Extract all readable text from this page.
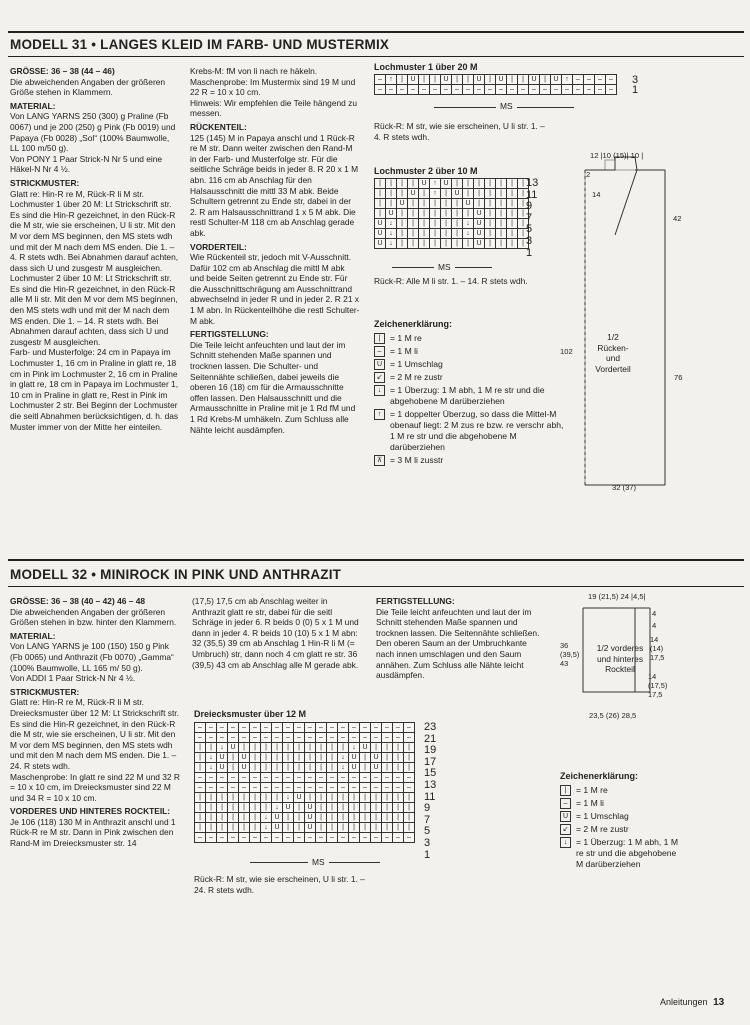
MODELL 31 • LANGES KLEID IM FARB- UND MUSTERMIX

GRÖSSE: 36 – 38 (44 – 46)

Die abweichenden Angaben der größeren Größe stehen in Klammern.

MATERIAL:

Von LANG YARNS 250 (300) g Praline (Fb 0067) und je 200 (250) g Pink (Fb 0019) und Papaya (Fb 0028) „Sol“ (100% Baumwolle, LL 100 m/50 g).

Von PONY 1 Paar Strick-N Nr 5 und eine Häkel-N Nr 4 ½.

STRICKMUSTER:

Glatt re: Hin-R re M, Rück-R li M str.

Lochmuster 1 über 20 M: Lt Strickschrift str. Es sind die Hin-R gezeichnet, in den Rück-R die M str, wie sie erscheinen, U li str. Mit den M vor dem MS beginnen, den MS stets wdh und mit der M nach dem MS enden. Die 1. – 4. R stets wdh. Bei Abnahmen darauf achten, dass sich U und zusgestr M ausgleichen.

Lochmuster 2 über 10 M: Lt Strickschrift str. Es sind die Hin-R gezeichnet, in den Rück-R alle M li str. Mit den M vor dem MS beginnen, den MS stets wdh und mit der M nach dem MS enden. Die 1. – 14. R stets wdh. Bei Abnahmen darauf achten, dass sich U und zusgestr M ausgleichen.

Farb- und Musterfolge: 24 cm in Papaya im Lochmuster 1, 16 cm in Praline in glatt re, 18 cm in Pink im Lochmuster 2, 16 cm in Praline in glatt re, 18 cm in Papaya im Lochmuster 1, 10 cm in Praline in glatt re, Rest in Pink im Lochmuster 2 str. Bei Beginn der Lochmuster die seitl Abnahmen berücksichtigen, d. h. das Muster immer von der Mitte her einteilen.

Krebs-M: fM von li nach re häkeln.

Maschenprobe: Im Mustermix sind 19 M und 22 R = 10 x 10 cm.

Hinweis: Wir empfehlen die Teile hängend zu messen.

RÜCKENTEIL:

125 (145) M in Papaya anschl und 1 Rück-R re M str. Dann weiter zwischen den Rand-M in der Farb- und Musterfolge str. Für die seitliche Schräge beids in jeder 8. R 20 x 1 M abn. 116 cm ab Anschlag für den Halsausschnitt die mittl 33 M abk. Beide Schultern getrennt zu Ende str, dabei in der 2. R am Halsausschnittrand 1 x 5 M abk. Die restl Schulter-M 118 cm ab Anschlag gerade abk.

VORDERTEIL:

Wie Rückenteil str, jedoch mit V-Ausschnitt. Dafür 102 cm ab Anschlag die mittl M abk und beide Seiten getrennt zu Ende str. Für die Ausschnittschrägung am Ausschnittrand abwechselnd in jeder R und in jeder 2. R 21 x 1 M abn. In Rückenteilhöhe die restl Schulter-M abk.

FERTIGSTELLUNG:

Die Teile leicht anfeuchten und laut der im Schnitt stehenden Maße spannen und trocknen lassen. Die Schulter- und Seitennähte schließen, dabei jeweils die oberen 16 (18) cm für die Armausschnitte offen lassen. Den Halsausschnitt und die Armausschnitte in Praline mit je 1 Rd fM und 1 Rd Krebs-M umhäkeln. Zum Schluss alle Nähte leicht ausdämpfen.

Lochmuster 1 über 20 M
–	↑	|	U	|	|	U	|	|	U	|	U	|	|	U	|	U	↑	–	–	–	–
–	–	–	–	–	–	–	–	–	–	–	–	–	–	–	–	–	–	–	–	–	–
3
1
MS
Rück-R: M str, wie sie erscheinen, U li str. 1. – 4. R stets wdh.
Lochmuster 2 über 10 M
|	|	|	|	U	↑	U	|	|	|	|	|	|	|
|	|	|	U	|	↑	|	U	|	|	|	|	|	|
|	|	U	|	|	|	|	|	U	|	|	|	|	|
|	U	|	|	|	|	|	|	|	U	|	|	|	|
U	↓	|	|	|	|	|	|	↓	U	|	|	|	|
U	↓	|	|	|	|	|	|	↓	U	|	|	|	|
U	↓	|	|	|	|	|	|	|	U	|	|	|	|
13
11
9
7
5
3
1
MS
Rück-R: Alle M li str. 1. – 14. R stets wdh.
Zeichenerklärung:
|	= 1 M re
– = 1 M li
U = 1 Umschlag
↙ = 2 M re zustr
↓	= 1 Überzug: 1 M abh, 1 M re str und die abgehobene M darüberziehen
↑	= 1 doppelter Überzug, so dass die Mittel-M obenauf liegt: 2 M zus re bzw. re verschr abh, 1 M re str und die abgehobene M darüberziehen
⊼ = 3 M li zusstr
12 |10 (15)| 10 |
2
14
42
102
76
32 (37)
1/2 Rücken- und Vorderteil
MODELL 32 • MINIROCK IN PINK UND ANTHRAZIT

GRÖSSE: 36 – 38 (40 – 42) 46 – 48

Die abweichenden Angaben der größeren Größen stehen in bzw. hinter den Klammern.

MATERIAL:

Von LANG YARNS je 100 (150) 150 g Pink (Fb 0065) und Anthrazit (Fb 0070) „Gamma“ (100% Baumwolle, LL 165 m/ 50 g).

Von ADDI 1 Paar Strick-N Nr 4 ½.

STRICKMUSTER:

Glatt re: Hin-R re M, Rück-R li M str.

Dreiecksmuster über 12 M: Lt Strickschrift str. Es sind die Hin-R gezeichnet, in den Rück-R die M str, wie sie erscheinen, U li str. Mit den M vor dem MS beginnen, den MS stets wdh und mit den M nach dem MS enden. Die 1. – 24. R stets wdh.

Maschenprobe: In glatt re sind 22 M und 32 R = 10 x 10 cm, im Dreiecksmuster sind 22 M und 34 R = 10 x 10 cm.

VORDERES UND HINTERES ROCKTEIL:

Je 106 (118) 130 M in Anthrazit anschl und 1 Rück-R re M str. Dann in Pink zwischen den Rand-M im Dreiecksmuster str. 14

(17,5) 17,5 cm ab Anschlag weiter in Anthrazit glatt re str, dabei für die seitl Schräge in jeder 6. R beids 0 (0) 5 x 1 M und dann in jeder 4. R beids 10 (10) 5 x 1 M abn: 32 (35,5) 39 cm ab Anschlag 1 Hin-R li M (= Umbruch) str, dann noch 4 cm glatt re str. 36 (39,5) 43 cm ab Anschlag alle M gerade abk.

FERTIGSTELLUNG:

Die Teile leicht anfeuchten und laut der im Schnitt stehenden Maße spannen und trocknen lassen. Die Seitennähte schließen. Den oberen Saum an der Umbruchkante nach innen umschlagen und den Saum annähen. Zum Schluss alle Nähte leicht ausdämpfen.

Dreiecksmuster über 12 M
–	–	–	–	–	–	–	–	–	–	–	–	–	–	–	–	–	–	–	–
–	–	–	–	–	–	–	–	–	–	–	–	–	–	–	–	–	–	–	–
|	|	↓	U	|	|	|	|	|	|	|	|	|	|	↓	U	|	|	|	|
|	↓	U	|	U	|	|	|	|	|	|	|	|	↓	U	|	U	|	|	|
|	↓	U	|	U	|	|	|	|	|	|	|	|	↓	U	|	U	|	|	|
–	–	–	–	–	–	–	–	–	–	–	–	–	–	–	–	–	–	–	–
–	–	–	–	–	–	–	–	–	–	–	–	–	–	–	–	–	–	–	–
|	|	|	|	|	|	|	|	↓	U	|	|	|	|	|	|	|	|	|	|
|	|	|	|	|	|	|	↓	U	|	U	|	|	|	|	|	|	|	|	|
|	|	|	|	|	|	↓	U	|	|	U	|	|	|	|	|	|	|	|	|
|	|	|	|	|	|	↓	U	|	|	U	|	|	|	|	|	|	|	|	|
–	–	–	–	–	–	–	–	–	–	–	–	–	–	–	–	–	–	–	–
23
21
19
17
15
13
11
9
7
5
3
1
MS
Rück-R: M str, wie sie erscheinen, U li str. 1. – 24. R stets wdh.
19 (21,5) 24 |4,5|
4
4
14 (14) 17,5
14 (17,5) 17,5
36 (39,5) 43
1/2 vorderes und hinteres Rockteil
23,5 (26) 28,5
Zeichenerklärung:
|	= 1 M re
– = 1 M li
U = 1 Umschlag
↙ = 2 M re zustr
↓	= 1 Überzug: 1 M abh, 1 M re str und die abgehobene M darüberziehen
Anleitungen 13
